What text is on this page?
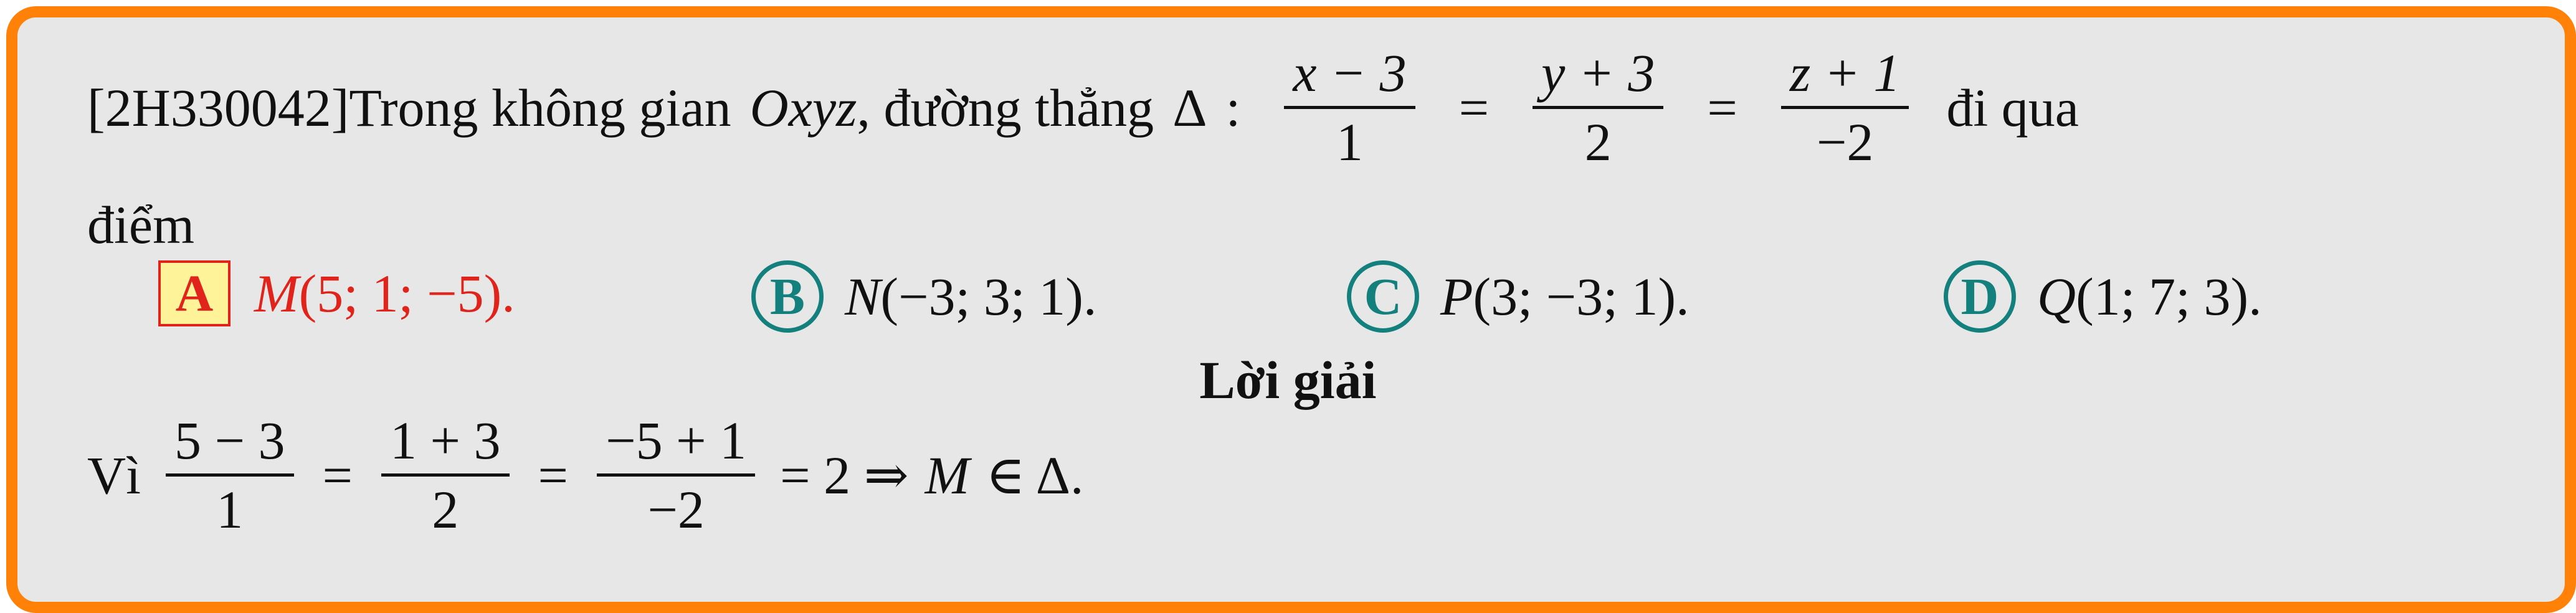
[2H330042] Trong không gian Oxyz , đường thẳng Δ :
x − 3
1
=
y + 3
2
=
z + 1
−2
đi qua
điểm
A M (5; 1; −5).	B N (−3; 3; 1).	C P (3; −3; 1).	D Q (1; 7; 3).
Lời giải
Vì
5 − 3
1
=
1 + 3
2
=
−5 + 1
−2
= 2 ⇒ M ∈ Δ.
